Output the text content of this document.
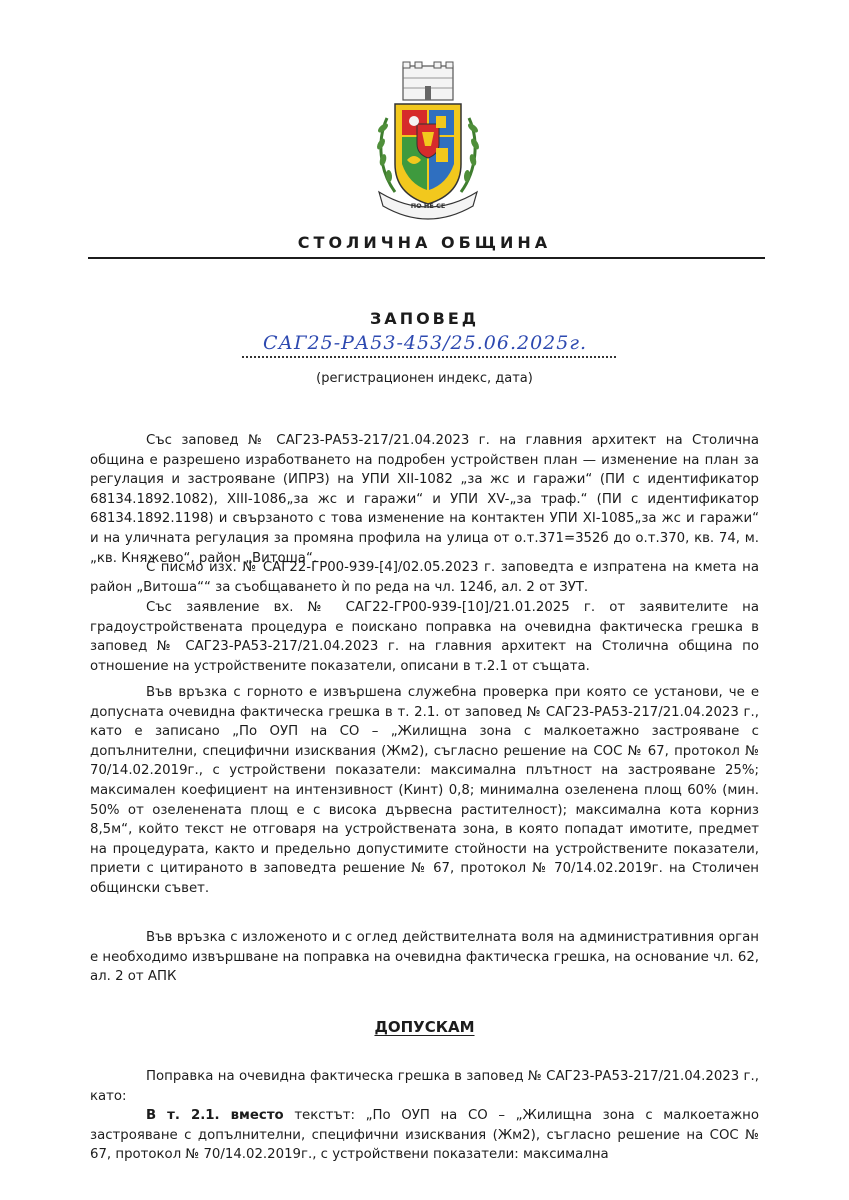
ПО НЕ СЕ
СТОЛИЧНА ОБЩИНА
ЗАПОВЕД
САГ25-РА53-453/25.06.2025г.
(регистрационен индекс, дата)

Със заповед № САГ23-РА53-217/21.04.2023 г. на главния архитект на Столична община е разрешено изработването на подробен устройствен план — изменение на план за регулация и застрояване (ИПРЗ) на УПИ XII-1082 „за жс и гаражи“ (ПИ с идентификатор 68134.1892.1082), XIII-1086„за жс и гаражи“ и УПИ XV-„за траф.“ (ПИ с идентификатор 68134.1892.1198) и свързаното с това изменение на контактен УПИ XI-1085„за жс и гаражи“ и на уличната регулация за промяна профила на улица от о.т.371=352б до о.т.370, кв. 74, м. „кв. Княжево“, район „Витоша“.

С писмо изх. № САГ22-ГР00-939-[4]/02.05.2023 г. заповедта е изпратена на кмета на район „Витоша““ за съобщаването ѝ по реда на чл. 124б, ал. 2 от ЗУТ.

Със заявление вх. № САГ22-ГР00-939-[10]/21.01.2025 г. от заявителите на градоустройствената процедура е поискано поправка на очевидна фактическа грешка в заповед № САГ23-РА53-217/21.04.2023 г. на главния архитект на Столична община по отношение на устройствените показатели, описани в т.2.1 от същата.

Във връзка с горното е извършена служебна проверка при която се установи, че е допусната очевидна фактическа грешка в т. 2.1. от заповед № САГ23-РА53-217/21.04.2023 г., като е записано „По ОУП на СО – „Жилищна зона с малкоетажно застрояване с допълнителни, специфични изисквания (Жм2), съгласно решение на СОС № 67, протокол № 70/14.02.2019г., с устройствени показатели: максимална плътност на застрояване 25%; максимален коефициент на интензивност (Кинт) 0,8; минимална озеленена площ 60% (мин. 50% от озеленената площ е с висока дървесна растителност); максимална кота корниз 8,5м“, който текст не отговаря на устройствената зона, в която попадат имотите, предмет на процедурата, както и предельно допустимите стойности на устройствените показатели, приети с цитираното в заповедта решение № 67, протокол № 70/14.02.2019г. на Столичен общински съвет.

Във връзка с изложеното и с оглед действителната воля на административния орган е необходимо извършване на поправка на очевидна фактическа грешка, на основание чл. 62, ал. 2 от АПК

ДОПУСКАМ

Поправка на очевидна фактическа грешка в заповед № САГ23-РА53-217/21.04.2023 г., като:

В т. 2.1. вместо текстът: „По ОУП на СО – „Жилищна зона с малкоетажно застрояване с допълнителни, специфични изисквания (Жм2), съгласно решение на СОС № 67, протокол № 70/14.02.2019г., с устройствени показатели: максимална
